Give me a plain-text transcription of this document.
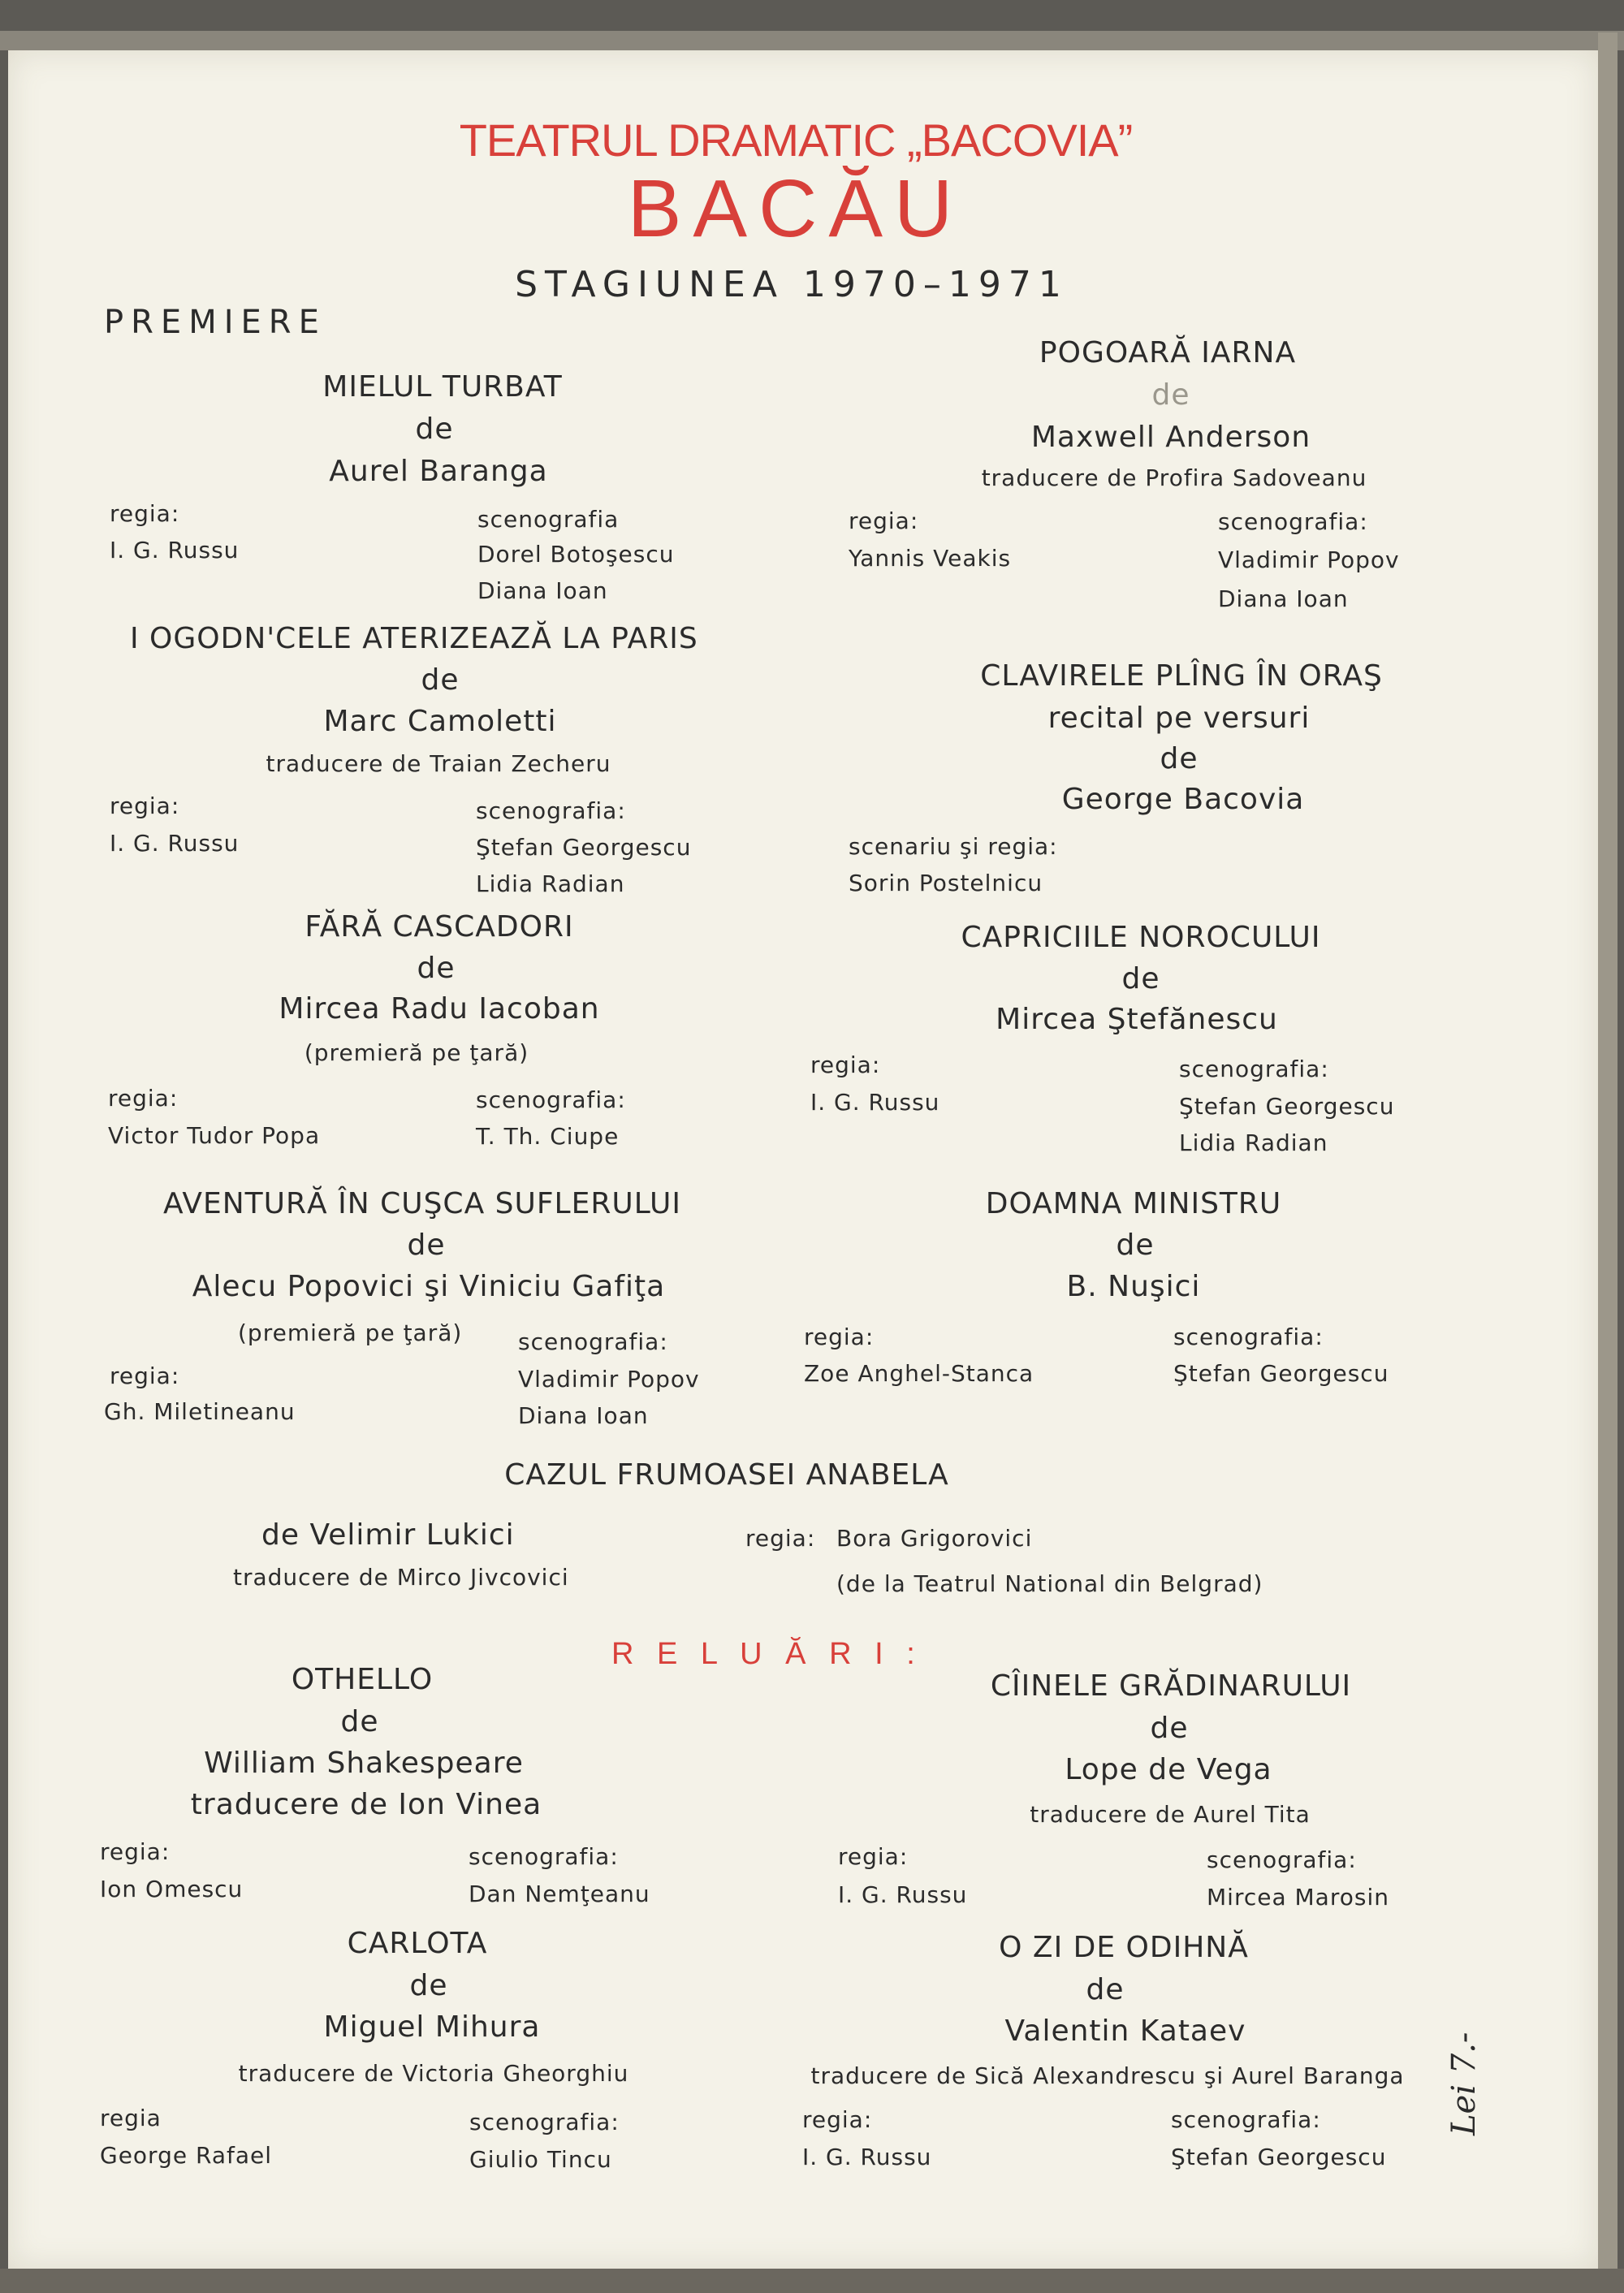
TEATRUL DRAMATIC „BACOVIA”
BACĂU
STAGIUNEA 1970–1971
PREMIERE
MIELUL TURBAT
de
Aurel Baranga
regia:
I. G. Russu
scenografia
Dorel Botoşescu
Diana Ioan
I OGODN'CELE ATERIZEAZĂ LA PARIS
de
Marc Camoletti
traducere de Traian Zecheru
regia:
I. G. Russu
scenografia:
Ştefan Georgescu
Lidia Radian
FĂRĂ CASCADORI
de
Mircea Radu Iacoban
(premieră pe ţară)
regia:
Victor Tudor Popa
scenografia:
T. Th. Ciupe
AVENTURĂ ÎN CUŞCA SUFLERULUI
de
Alecu Popovici şi Viniciu Gafiţa
(premieră pe ţară)
regia:
Gh. Miletineanu
scenografia:
Vladimir Popov
Diana Ioan
POGOARĂ IARNA
de
Maxwell Anderson
traducere de Profira Sadoveanu
regia:
Yannis Veakis
scenografia:
Vladimir Popov
Diana Ioan
CLAVIRELE PLÎNG ÎN ORAŞ
recital pe versuri
de
George Bacovia
scenariu şi regia:
Sorin Postelnicu
CAPRICIILE NOROCULUI
de
Mircea Ştefănescu
regia:
I. G. Russu
scenografia:
Ştefan Georgescu
Lidia Radian
DOAMNA MINISTRU
de
B. Nuşici
regia:
Zoe Anghel-Stanca
scenografia:
Ştefan Georgescu
CAZUL FRUMOASEI ANABELA
de Velimir Lukici
traducere de Mirco Jivcovici
regia: Bora Grigorovici
(de la Teatrul National din Belgrad)
R E L U Ă R I :
OTHELLO
de
William Shakespeare
traducere de Ion Vinea
regia:
Ion Omescu
scenografia:
Dan Nemţeanu
CARLOTA
de
Miguel Mihura
traducere de Victoria Gheorghiu
regia
George Rafael
scenografia:
Giulio Tincu
CÎINELE GRĂDINARULUI
de
Lope de Vega
traducere de Aurel Tita
regia:
I. G. Russu
scenografia:
Mircea Marosin
O ZI DE ODIHNĂ
de
Valentin Kataev
traducere de Sică Alexandrescu şi Aurel Baranga
regia:
I. G. Russu
scenografia:
Ştefan Georgescu
Lei 7.-
